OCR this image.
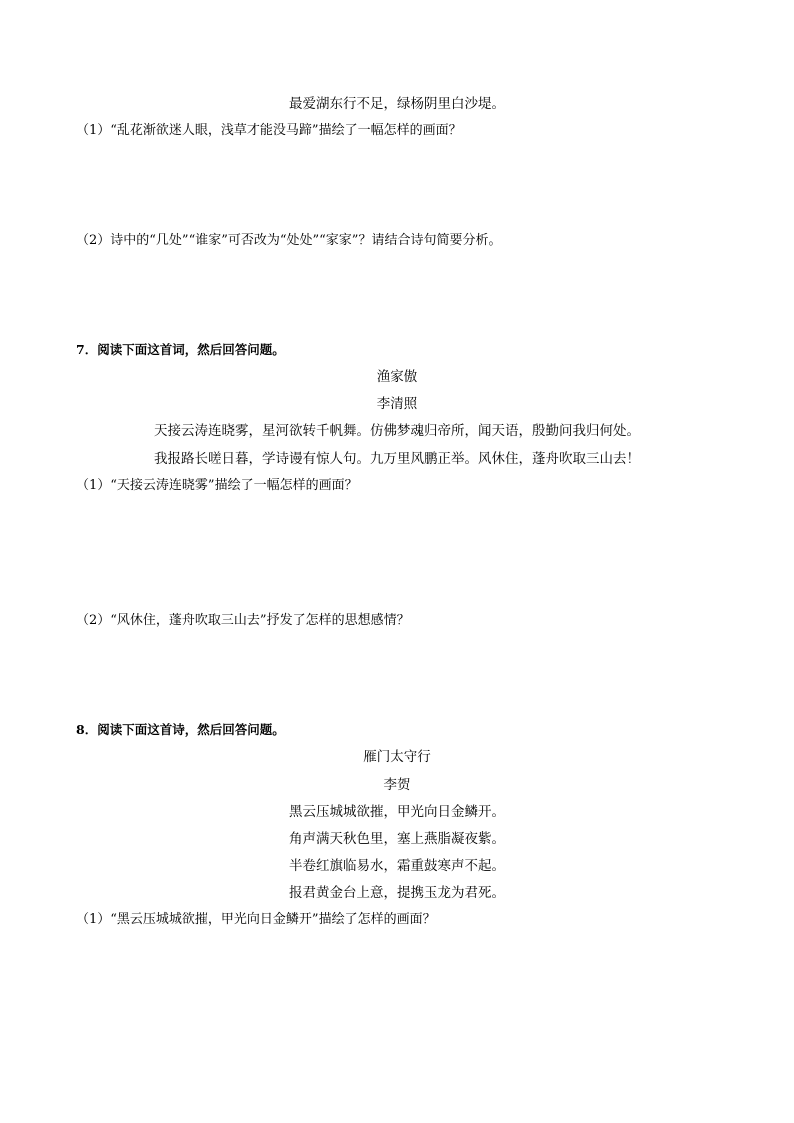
最爱湖东行不足，绿杨阴里白沙堤。
（1）“乱花渐欲迷人眼，浅草才能没马蹄”描绘了一幅怎样的画面？
（2）诗中的“几处”“谁家”可否改为“处处”“家家”？请结合诗句简要分析。
7．阅读下面这首词，然后回答问题。
渔家傲
李清照
天接云涛连晓雾，星河欲转千帆舞。仿佛梦魂归帝所，闻天语，殷勤问我归何处。
我报路长嗟日暮，学诗谩有惊人句。九万里风鹏正举。风休住，蓬舟吹取三山去！
（1）“天接云涛连晓雾”描绘了一幅怎样的画面？
（2）“风休住，蓬舟吹取三山去”抒发了怎样的思想感情？
8．阅读下面这首诗，然后回答问题。
雁门太守行
李贺
黑云压城城欲摧，甲光向日金鳞开。
角声满天秋色里，塞上燕脂凝夜紫。
半卷红旗临易水，霜重鼓寒声不起。
报君黄金台上意，提携玉龙为君死。
（1）“黑云压城城欲摧，甲光向日金鳞开”描绘了怎样的画面？
